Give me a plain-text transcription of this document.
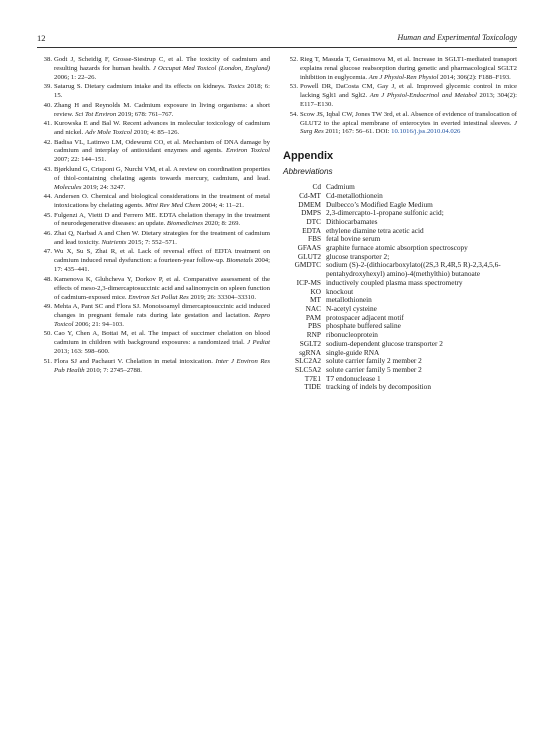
12	Human and Experimental Toxicology
38. Godt J, Scheidig F, Grosse-Siestrup C, et al. The toxicity of cadmium and resulting hazards for human health. J Occupat Med Toxicol (London, England) 2006; 1: 22–26.
39. Satarug S. Dietary cadmium intake and its effects on kidneys. Toxics 2018; 6: 15.
40. Zhang H and Reynolds M. Cadmium exposure in living organisms: a short review. Sci Tot Environ 2019; 678: 761–767.
41. Kurowska E and Bal W. Recent advances in molecular toxicology of cadmium and nickel. Adv Mole Toxicol 2010; 4: 85–126.
42. Badisa VL, Latinwo LM, Odewumi CO, et al. Mechanism of DNA damage by cadmium and interplay of antioxidant enzymes and agents. Environ Toxicol 2007; 22: 144–151.
43. Bjørklund G, Crisponi G, Nurchi VM, et al. A review on coordination properties of thiol-containing chelating agents towards mercury, cadmium, and lead. Molecules 2019; 24: 3247.
44. Andersen O. Chemical and biological considerations in the treatment of metal intoxications by chelating agents. Mini Rev Med Chem 2004; 4: 11–21.
45. Fulgenzi A, Vietti D and Ferrero ME. EDTA chelation therapy in the treatment of neurodegenerative diseases: an update. Biomedicines 2020; 8: 269.
46. Zhai Q, Narbad A and Chen W. Dietary strategies for the treatment of cadmium and lead toxicity. Nutrients 2015; 7: 552–571.
47. Wu X, Su S, Zhai R, et al. Lack of reversal effect of EDTA treatment on cadmium induced renal dysfunction: a fourteen-year follow-up. Biometals 2004; 17: 435–441.
48. Kamenova K, Gluhcheva Y, Dorkov P, et al. Comparative assessment of the effects of meso-2,3-dimercaptosuccinic acid and salinomycin on spleen function of cadmium-exposed mice. Environ Sci Pollut Res 2019; 26: 33304–33310.
49. Mehta A, Pant SC and Flora SJ. Monoisoamyl dimercaptosuccinic acid induced changes in pregnant female rats during late gestation and lactation. Repro Toxicol 2006; 21: 94–103.
50. Cao Y, Chen A, Bottai M, et al. The impact of succimer chelation on blood cadmium in children with background exposures: a randomized trial. J Pediat 2013; 163: 598–600.
51. Flora SJ and Pachauri V. Chelation in metal intoxication. Inter J Environ Res Pub Health 2010; 7: 2745–2788.
52. Rieg T, Masuda T, Gerasimova M, et al. Increase in SGLT1-mediated transport explains renal glucose reabsorption during genetic and pharmacological SGLT2 inhibition in euglycemia. Am J Physiol-Ren Physiol 2014; 306(2): F188–F193.
53. Powell DR, DaCosta CM, Gay J, et al. Improved glycemic control in mice lacking Sglt1 and Sglt2. Am J Physiol-Endocrinol and Metabol 2013; 304(2): E117–E130.
54. Scow JS, Iqbal CW, Jones TW 3rd, et al. Absence of evidence of translocation of GLUT2 to the apical membrane of enterocytes in everted intestinal sleeves. J Surg Res 2011; 167: 56–61. DOI: 10.1016/j.jss.2010.04.026
Appendix
Abbreviations
Cd	Cadmium
Cd-MT	Cd-metallothionein
DMEM	Dulbecco’s Modified Eagle Medium
DMPS	2,3-dimercapto-1-propane sulfonic acid;
DTC	Dithiocarbamates
EDTA	ethylene diamine tetra acetic acid
FBS	fetal bovine serum
GFAAS	graphite furnace atomic absorption spectroscopy
GLUT2	glucose transporter 2;
GMDTC	sodium (S)-2-(dithiocarboxylato((2S,3 R,4R,5 R)-2,3,4,5,6-pentahydroxyhexyl) amino)-4(methylthio) butanoate
ICP-MS	inductively coupled plasma mass spectrometry
KO	knockout
MT	metallothionein
NAC	N-acetyl cysteine
PAM	protospacer adjacent motif
PBS	phosphate buffered saline
RNP	ribonucleoprotein
SGLT2	sodium-dependent glucose transporter 2
sgRNA	single-guide RNA
SLC2A2	solute carrier family 2 member 2
SLC5A2	solute carrier family 5 member 2
T7E1	T7 endonuclease 1
TIDE	tracking of indels by decomposition
